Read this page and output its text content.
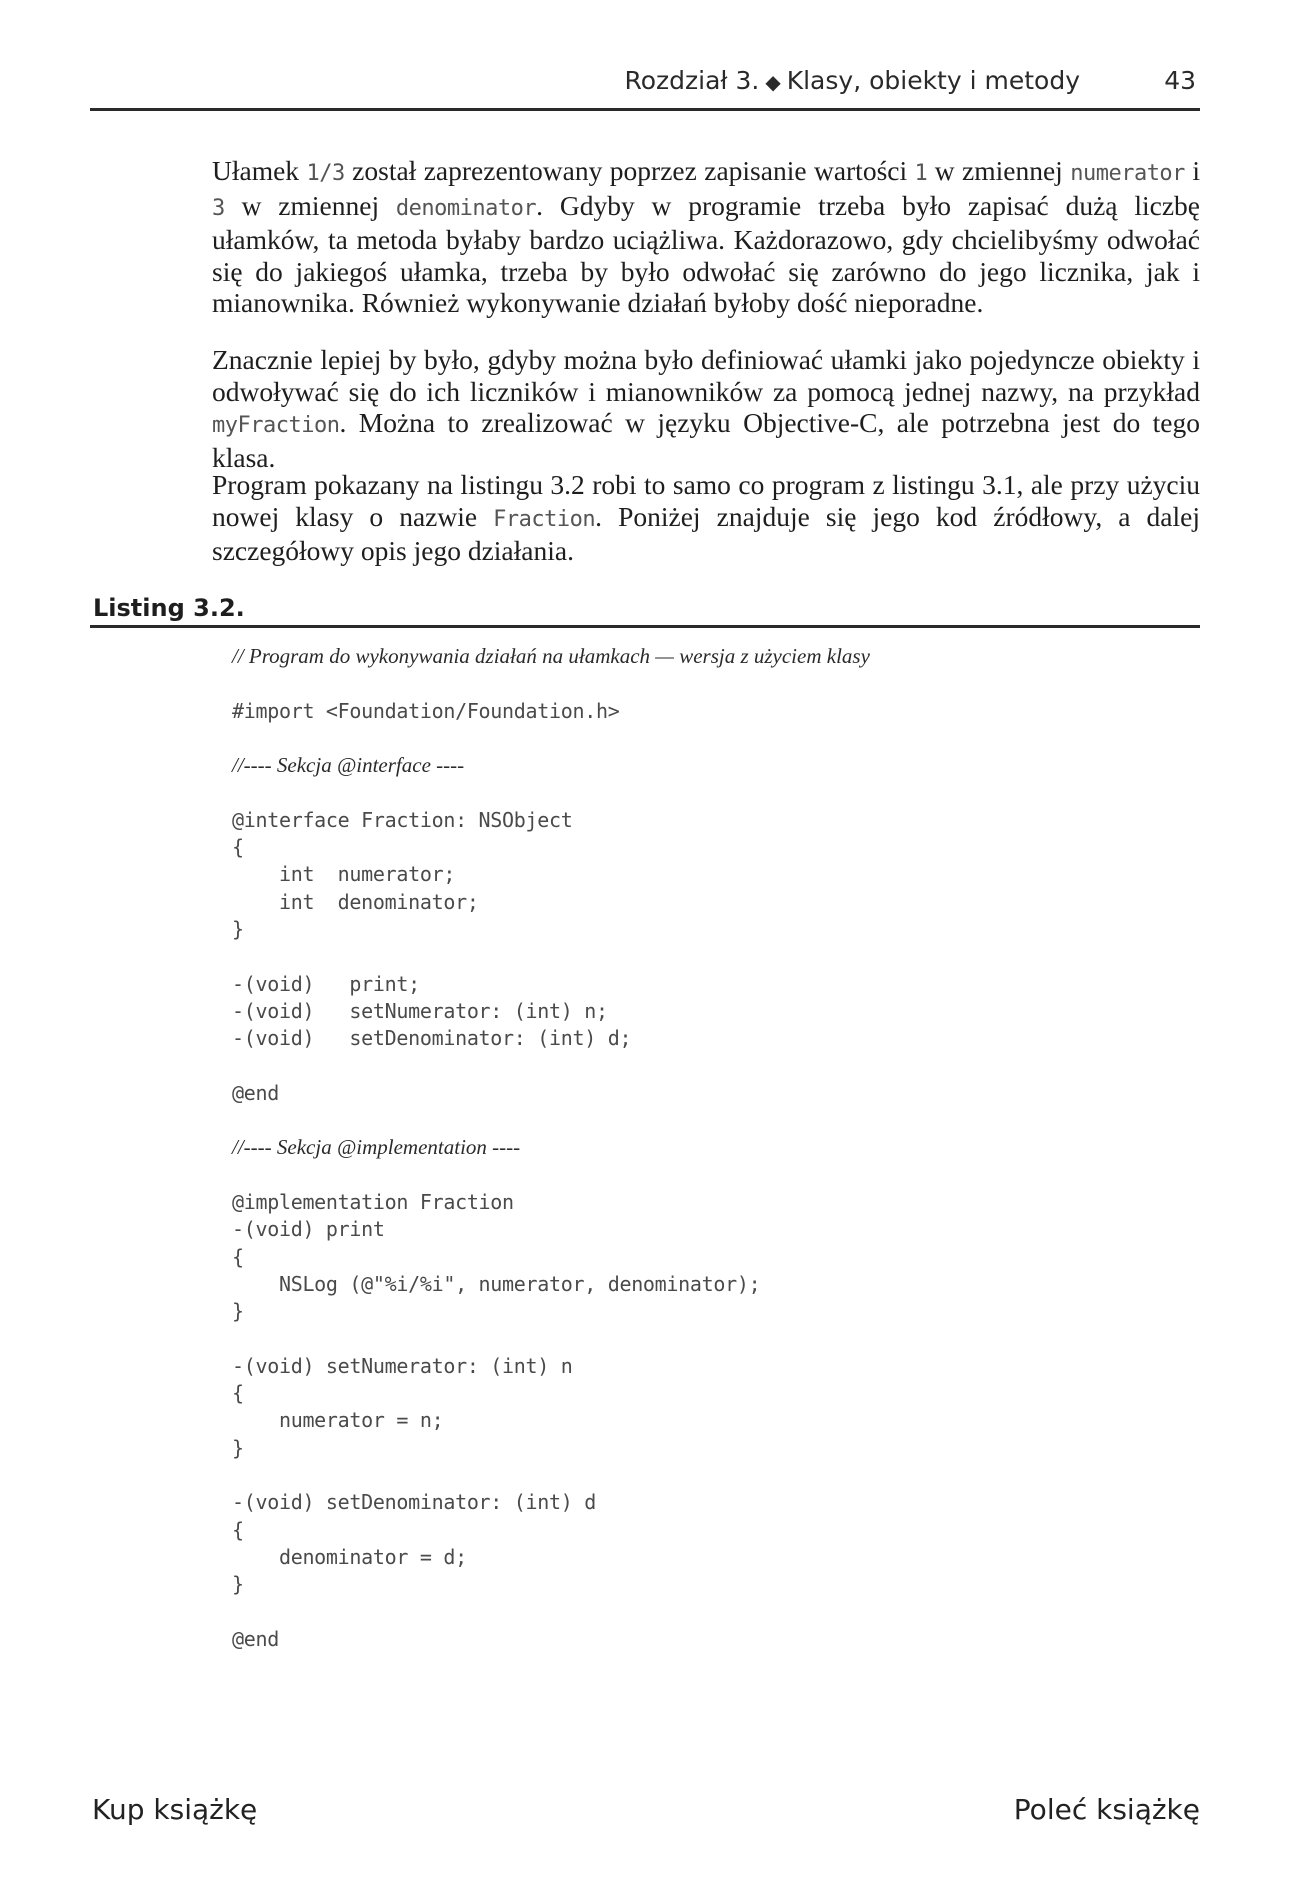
Rozdział 3. ◆ Klasy, obiekty i metody	43

Ułamek 1/3 został zaprezentowany poprzez zapisanie wartości 1 w zmiennej numerator i 3 w zmiennej denominator. Gdyby w programie trzeba było zapisać dużą liczbę ułamków, ta metoda byłaby bardzo uciążliwa. Każdorazowo, gdy chcielibyśmy odwołać się do jakiegoś ułamka, trzeba by było odwołać się zarówno do jego licznika, jak i mianownika. Również wykonywanie działań byłoby dość nieporadne.

Znacznie lepiej by było, gdyby można było definiować ułamki jako pojedyncze obiekty i odwoływać się do ich liczników i mianowników za pomocą jednej nazwy, na przykład myFraction. Można to zrealizować w języku Objective-C, ale potrzebna jest do tego klasa.

Program pokazany na listingu 3.2 robi to samo co program z listingu 3.1, ale przy użyciu nowej klasy o nazwie Fraction. Poniżej znajduje się jego kod źródłowy, a dalej szczegółowy opis jego działania.

Listing 3.2.
// Program do wykonywania działań na ułamkach — wersja z użyciem klasy
#import <Foundation/Foundation.h>
//---- Sekcja @interface ----
@interface Fraction: NSObject
{
int  numerator;
int  denominator;
}
-(void)   print;
-(void)   setNumerator: (int) n;
-(void)   setDenominator: (int) d;
@end
//---- Sekcja @implementation ----
@implementation Fraction
-(void) print
{
NSLog (@"%i/%i", numerator, denominator);
}
-(void) setNumerator: (int) n
{
numerator = n;
}
-(void) setDenominator: (int) d
{
denominator = d;
}
@end
Kup książkę	Poleć książkę
